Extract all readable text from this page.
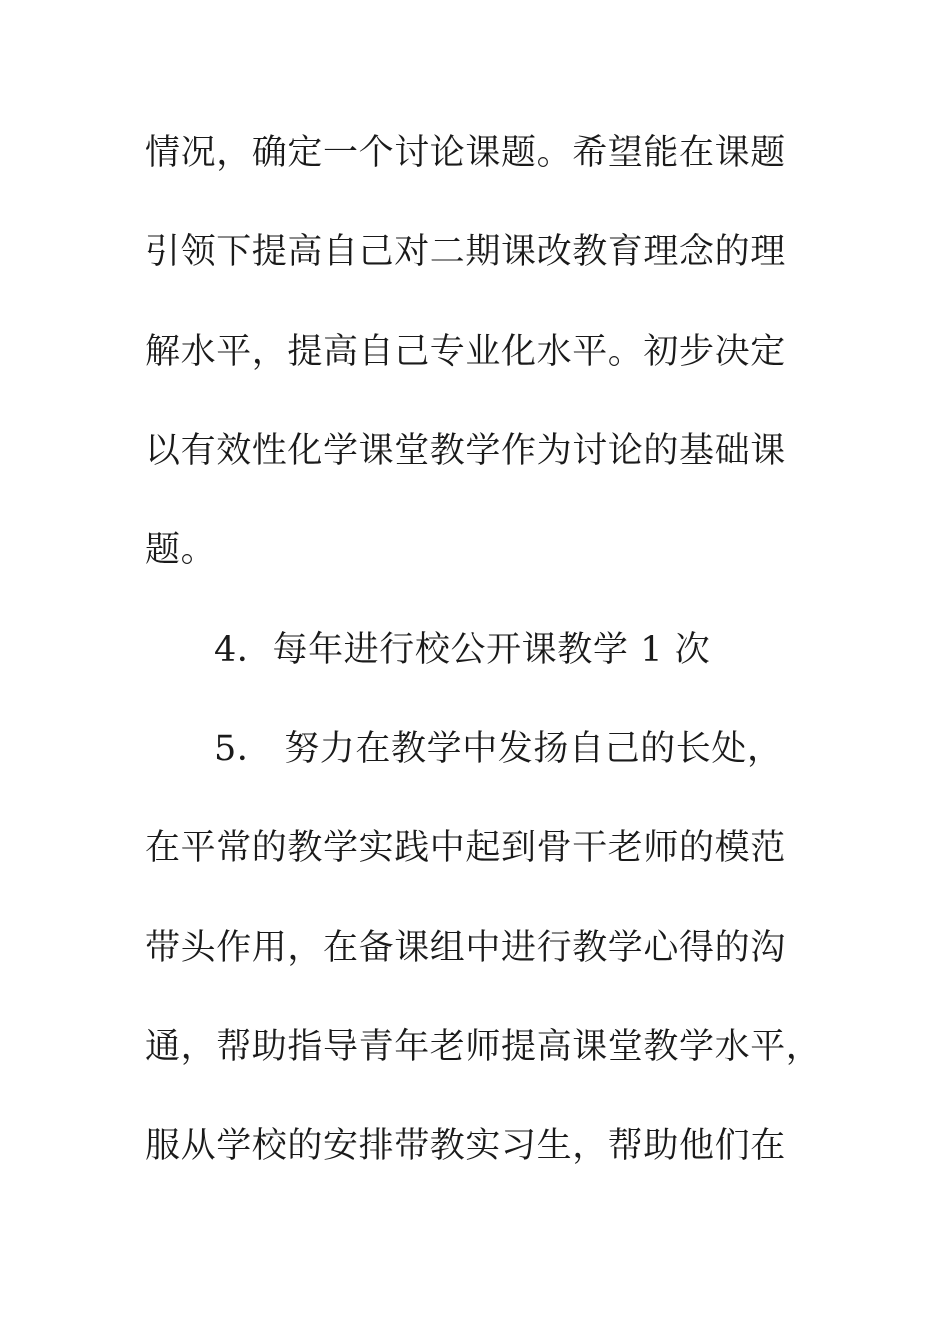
情况，确定一个讨论课题。希望能在课题
引领下提高自己对二期课改教育理念的理
解水平，提高自己专业化水平。初步决定
以有效性化学课堂教学作为讨论的基础课
题。
4．每年进行校公开课教学 1 次
5． 努力在教学中发扬自己的长处，
在平常的教学实践中起到骨干老师的模范
带头作用，在备课组中进行教学心得的沟
通，帮助指导青年老师提高课堂教学水平，
服从学校的安排带教实习生，帮助他们在
